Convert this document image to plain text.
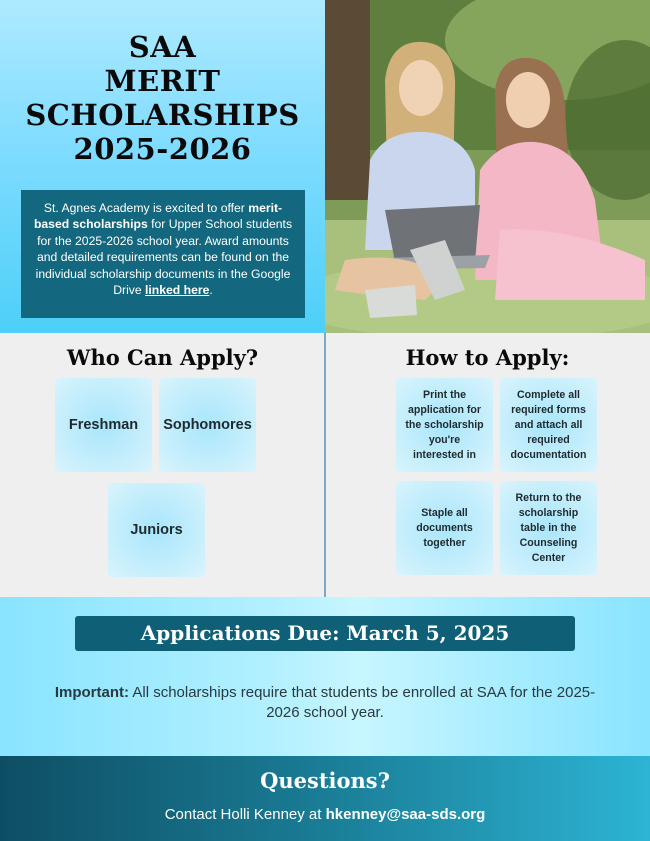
SAA
MERIT
SCHOLARSHIPS
2025-2026
St. Agnes Academy is excited to offer merit-based scholarships for Upper School students for the 2025-2026 school year. Award amounts and detailed requirements can be found on the individual scholarship documents in the Google Drive linked here.
Who Can Apply?
Freshman	Sophomores
Juniors
How to Apply:
Print the application for the scholarship you're interested in
Complete all required forms and attach all required documentation
Staple all documents together
Return to the scholarship table in the Counseling Center
Applications Due: March 5, 2025
Important: All scholarships require that students be enrolled at SAA for the 2025-2026 school year.
Questions?
Contact Holli Kenney at hkenney@saa-sds.org
